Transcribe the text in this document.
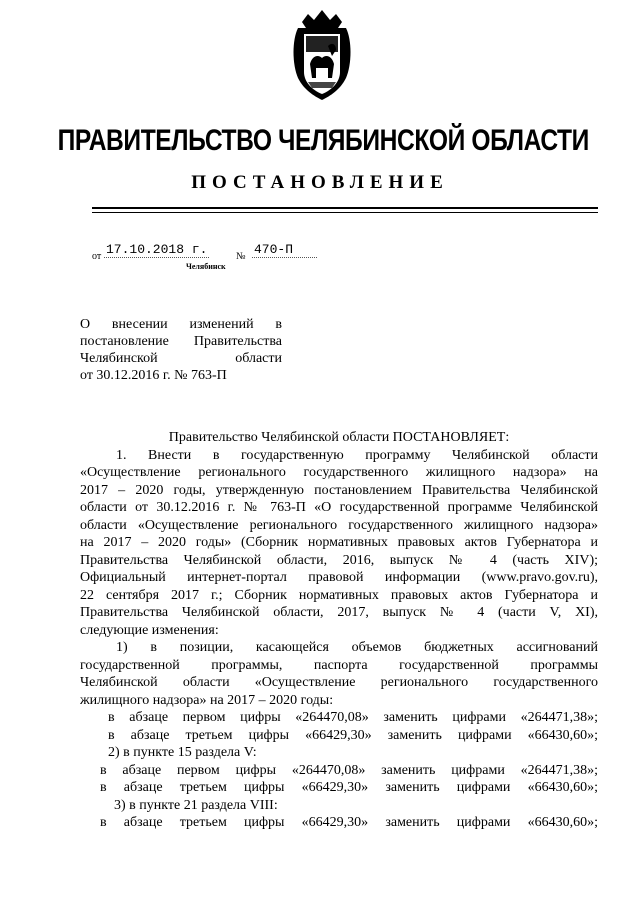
ПРАВИТЕЛЬСТВО ЧЕЛЯБИНСКОЙ ОБЛАСТИ
ПОСТАНОВЛЕНИЕ
от 17.10.2018 г.	№ 470-П
Челябинск
О внесении изменений в
постановление Правительства
Челябинской области
от 30.12.2016 г. № 763-П
Правительство Челябинской области ПОСТАНОВЛЯЕТ:
1. Внести в государственную программу Челябинской области
«Осуществление регионального государственного жилищного надзора» на
2017 – 2020 годы, утвержденную постановлением Правительства Челябинской
области от 30.12.2016 г. № 763-П «О государственной программе Челябинской
области «Осуществление регионального государственного жилищного надзора»
на 2017 – 2020 годы» (Сборник нормативных правовых актов Губернатора и
Правительства Челябинской области, 2016, выпуск № 4 (часть XIV);
Официальный интернет-портал правовой информации (www.pravo.gov.ru),
22 сентября 2017 г.; Сборник нормативных правовых актов Губернатора и
Правительства Челябинской области, 2017, выпуск № 4 (части V, XI),
следующие изменения:
1) в позиции, касающейся объемов бюджетных ассигнований
государственной программы, паспорта государственной программы
Челябинской области «Осуществление регионального государственного
жилищного надзора» на 2017 – 2020 годы:
в абзаце первом цифры «264470,08» заменить цифрами «264471,38»;
в абзаце третьем цифры «66429,30» заменить цифрами «66430,60»;
2) в пункте 15 раздела V:
в абзаце первом цифры «264470,08» заменить цифрами «264471,38»;
в абзаце третьем цифры «66429,30» заменить цифрами «66430,60»;
3) в пункте 21 раздела VIII:
в абзаце третьем цифры «66429,30» заменить цифрами «66430,60»;
